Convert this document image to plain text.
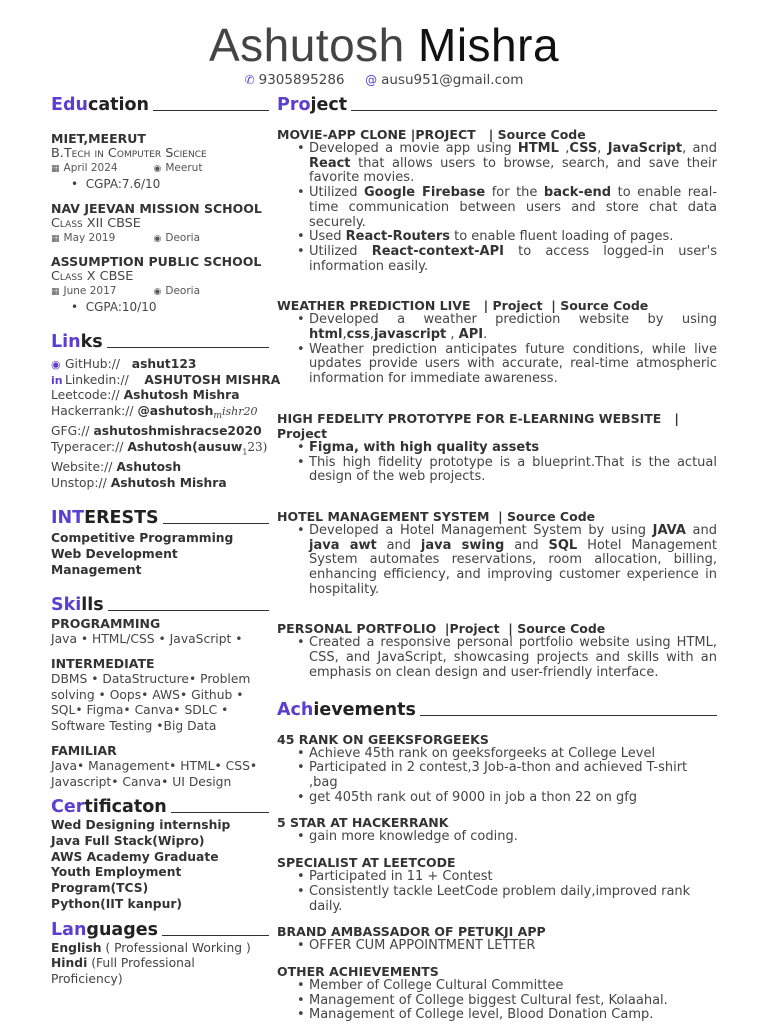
Ashutosh Mishra
✆ 9305895286 @ ausu951@gmail.com
Edu cation
MIET,MEERUT
B.Tech in Computer Science
▦ April 2024	◉ Meerut
•  CGPA:7.6/10
NAV JEEVAN MISSION SCHOOL
Class XII CBSE
▦ May 2019	◉ Deoria
ASSUMPTION PUBLIC SCHOOL
Class X CBSE
▦ June 2017	◉ Deoria
•  CGPA:10/10
Lin ks
◉ GitHub:// ashut123
in Linkedin:// ASHUTOSH MISHRA
Leetcode:// Ashutosh Mishra
Hackerrank:// @ashutosh$_m$ishr20
GFG:// ashutoshmishracse2020
Typeracer:// Ashutosh(ausuw$_1$23)
Website:// Ashutosh
Unstop:// Ashutosh Mishra
INT ERESTS
Competitive Programming
Web Development
Management
Ski lls
PROGRAMMING
Java • HTML/CSS • JavaScript •
INTERMEDIATE
DBMS • DataStructure• Problem solving • Oops• AWS• Github • SQL• Figma• Canva• SDLC • Software Testing •Big Data
FAMILIAR
Java• Management• HTML• CSS• Javascript• Canva• UI Design
Cer tificaton
Wed Designing internship
Java Full Stack(Wipro)
AWS Academy Graduate
Youth Employment Program(TCS)
Python(IIT kanpur)
Lan guages
English ( Professional Working )
Hindi (Full Professional Proficiency)
Pro ject
MOVIE-APP CLONE |PROJECT | Source Code
• Developed a movie app using HTML ,CSS, JavaScript, and React that allows users to browse, search, and save their favorite movies.
• Utilized Google Firebase for the back-end to enable real-time communication between users and store chat data securely.
• Used React-Routers to enable fluent loading of pages.
• Utilized React-context-API to access logged-in user's information easily.
WEATHER PREDICTION LIVE | Project | Source Code
• Developed a weather prediction website by using html,css,javascript , API.
• Weather prediction anticipates future conditions, while live updates provide users with accurate, real-time atmospheric information for immediate awareness.
HIGH FEDELITY PROTOTYPE FOR E-LEARNING WEBSITE | Project
• Figma, with high quality assets
• This high fidelity prototype is a blueprint.That is the actual design of the web projects.
HOTEL MANAGEMENT SYSTEM | Source Code
• Developed a Hotel Management System by using JAVA and java awt and java swing and SQL Hotel Management System automates reservations, room allocation, billing, enhancing efficiency, and improving customer experience in hospitality.
PERSONAL PORTFOLIO |Project | Source Code
• Created a responsive personal portfolio website using HTML, CSS, and JavaScript, showcasing projects and skills with an emphasis on clean design and user-friendly interface.
Ach ievements
45 RANK ON GEEKSFORGEEKS
• Achieve 45th rank on geeksforgeeks at College Level
• Participated in 2 contest,3 Job-a-thon and achieved T-shirt ,bag
• get 405th rank out of 9000 in job a thon 22 on gfg
5 STAR AT HACKERRANK
• gain more knowledge of coding.
SPECIALIST AT LEETCODE
• Participated in 11 + Contest
• Consistently tackle LeetCode problem daily,improved rank daily.
BRAND AMBASSADOR OF PETUKJI APP
• OFFER CUM APPOINTMENT LETTER
OTHER ACHIEVEMENTS
• Member of College Cultural Committee
• Management of College biggest Cultural fest, Kolaahal.
• Management of College level, Blood Donation Camp.
